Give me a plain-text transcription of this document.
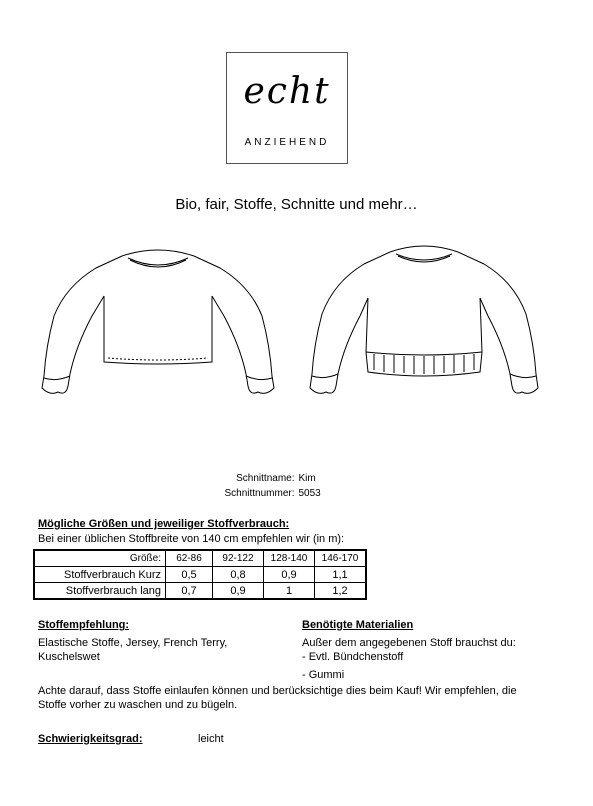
echt
ANZIEHEND
Bio, fair, Stoffe, Schnitte und mehr…
Schnittname: Kim
Schnittnummer: 5053
Mögliche Größen und jeweiliger Stoffverbrauch:
Bei einer üblichen Stoffbreite von 140 cm empfehlen wir (in m):
Größe:	62-86	92-122	128-140	146-170
Stoffverbrauch Kurz	0,5	0,8	0,9	1,1
Stoffverbrauch lang	0,7	0,9	1	1,2
Stoffempfehlung:
Elastische Stoffe, Jersey, French Terry,
Kuschelswet
Benötigte Materialien
Außer dem angegebenen Stoff brauchst du:
- Evtl. Bündchenstoff
- Gummi
Achte darauf, dass Stoffe einlaufen können und berücksichtige dies beim Kauf! Wir empfehlen, die
Stoffe vorher zu waschen und zu bügeln.
Schwierigkeitsgrad:	leicht
